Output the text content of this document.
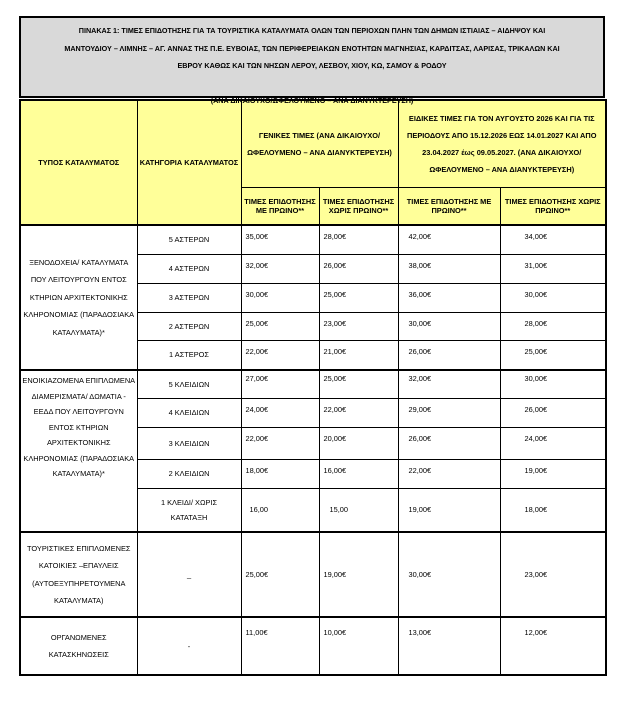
ΠΙΝΑΚΑΣ 1: ΤΙΜΕΣ ΕΠΙΔΟΤΗΣΗΣ ΓΙΑ ΤΑ ΤΟΥΡΙΣΤΙΚΑ ΚΑΤΑΛΥΜΑΤΑ ΟΛΩΝ ΤΩΝ ΠΕΡΙΟΧΩΝ ΠΛΗΝ ΤΩΝ ΔΗΜΩΝ ΙΣΤΙΑΙΑΣ – ΑΙΔΗΨΟΥ ΚΑΙ
ΜΑΝΤΟΥΔΙΟΥ – ΛΙΜΝΗΣ – ΑΓ. ΑΝΝΑΣ ΤΗΣ Π.Ε. ΕΥΒΟΙΑΣ, ΤΩΝ ΠΕΡΙΦΕΡΕΙΑΚΩΝ ΕΝΟΤΗΤΩΝ ΜΑΓΝΗΣΙΑΣ, ΚΑΡΔΙΤΣΑΣ, ΛΑΡΙΣΑΣ, ΤΡΙΚΑΛΩΝ ΚΑΙ
ΕΒΡΟΥ ΚΑΘΩΣ ΚΑΙ ΤΩΝ ΝΗΣΩΝ ΛΕΡΟΥ, ΛΕΣΒΟΥ, ΧΙΟΥ, ΚΩ, ΣΑΜΟΥ & ΡΟΔΟΥ

(ΑΝΑ ΔΙΚΑΙΟΥΧΟ/ΩΦΕΛΟΥΜΕΝΟ – ΑΝΑ ΔΙΑΝΥΚΤΕΡΕΥΣΗ)
ΤΥΠΟΣ ΚΑΤΑΛΥΜΑΤΟΣ	ΚΑΤΗΓΟΡΙΑ ΚΑΤΑΛΥΜΑΤΟΣ	ΓΕΝΙΚΕΣ ΤΙΜΕΣ (ΑΝΑ ΔΙΚΑΙΟΥΧΟ/ΩΦΕΛΟΥΜΕΝΟ – ΑΝΑ ΔΙΑΝΥΚΤΕΡΕΥΣΗ)		ΕΙΔΙΚΕΣ ΤΙΜΕΣ ΓΙΑ ΤΟΝ ΑΥΓΟΥΣΤΟ 2026 ΚΑΙ ΓΙΑ ΤΙΣ ΠΕΡΙΟΔΟΥΣ ΑΠΟ 15.12.2026 ΕΩΣ 14.01.2027 ΚΑΙ ΑΠΟ 23.04.2027 έως 09.05.2027. (ΑΝΑ ΔΙΚΑΙΟΥΧΟ/ΩΦΕΛΟΥΜΕΝΟ – ΑΝΑ ΔΙΑΝΥΚΤΕΡΕΥΣΗ)	
		ΤΙΜΕΣ ΕΠΙΔΟΤΗΣΗΣ ΜΕ ΠΡΩΙΝΟ**	ΤΙΜΕΣ ΕΠΙΔΟΤΗΣΗΣ ΧΩΡΙΣ ΠΡΩΙΝΟ**	ΤΙΜΕΣ ΕΠΙΔΟΤΗΣΗΣ ΜΕ ΠΡΩΙΝΟ**	ΤΙΜΕΣ ΕΠΙΔΟΤΗΣΗΣ ΧΩΡΙΣ ΠΡΩΙΝΟ**
ΞΕΝΟΔΟΧΕΙΑ/ ΚΑΤΑΛΥΜΑΤΑ ΠΟΥ ΛΕΙΤΟΥΡΓΟΥΝ ΕΝΤΟΣ ΚΤΗΡΙΩΝ ΑΡΧΙΤΕΚΤΟΝΙΚΗΣ ΚΛΗΡΟΝΟΜΙΑΣ (ΠΑΡΑΔΟΣΙΑΚΑ ΚΑΤΑΛΥΜΑΤΑ)*	5 ΑΣΤΕΡΩΝ	35,00€	28,00€	42,00€	34,00€
	4 ΑΣΤΕΡΩΝ	32,00€	26,00€	38,00€	31,00€
	3 ΑΣΤΕΡΩΝ	30,00€	25,00€	36,00€	30,00€
	2 ΑΣΤΕΡΩΝ	25,00€	23,00€	30,00€	28,00€
	1 ΑΣΤΕΡΟΣ	22,00€	21,00€	26,00€	25,00€
ΕΝΟΙΚΙΑΖΟΜΕΝΑ ΕΠΙΠΛΩΜΕΝΑ ΔΙΑΜΕΡΙΣΜΑΤΑ/ ΔΩΜΑΤΙΑ - ΕΕΔΔ ΠΟΥ ΛΕΙΤΟΥΡΓΟΥΝ ΕΝΤΟΣ ΚΤΗΡΙΩΝ ΑΡΧΙΤΕΚΤΟΝΙΚΗΣ ΚΛΗΡΟΝΟΜΙΑΣ (ΠΑΡΑΔΟΣΙΑΚΑ ΚΑΤΑΛΥΜΑΤΑ)*	5 ΚΛΕΙΔΙΩΝ	27,00€	25,00€	32,00€	30,00€
	4 ΚΛΕΙΔΙΩΝ	24,00€	22,00€	29,00€	26,00€
	3 ΚΛΕΙΔΙΩΝ	22,00€	20,00€	26,00€	24,00€
	2 ΚΛΕΙΔΙΩΝ	18,00€	16,00€	22,00€	19,00€
	1 ΚΛΕΙΔΙ/ ΧΩΡΙΣ ΚΑΤΑΤΑΞΗ	16,00	15,00	19,00€	18,00€
ΤΟΥΡΙΣΤΙΚΕΣ ΕΠΙΠΛΩΜΕΝΕΣ ΚΑΤΟΙΚΙΕΣ –ΕΠΑΥΛΕΙΣ (ΑΥΤΟΕΞΥΠΗΡΕΤΟΥΜΕΝΑ ΚΑΤΑΛΥΜΑΤΑ)	_	25,00€	19,00€	30,00€	23,00€
ΟΡΓΑΝΩΜΕΝΕΣ ΚΑΤΑΣΚΗΝΩΣΕΙΣ	-	11,00€	10,00€	13,00€	12,00€
